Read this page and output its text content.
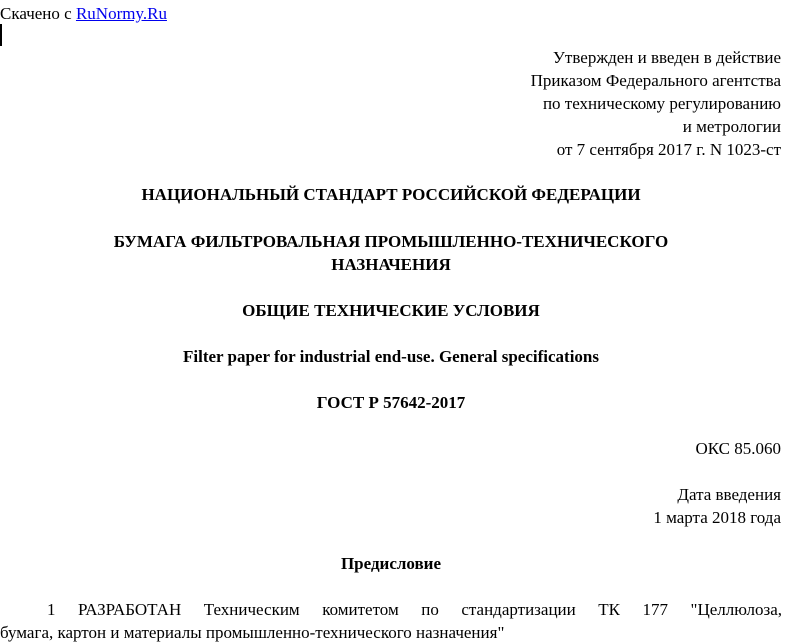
Скачено с RuNormy.Ru
Утвержден и введен в действие
Приказом Федерального агентства
по техническому регулированию
и метрологии
от 7 сентября 2017 г. N 1023-ст
НАЦИОНАЛЬНЫЙ СТАНДАРТ РОССИЙСКОЙ ФЕДЕРАЦИИ
БУМАГА ФИЛЬТРОВАЛЬНАЯ ПРОМЫШЛЕННО-ТЕХНИЧЕСКОГО
НАЗНАЧЕНИЯ
ОБЩИЕ ТЕХНИЧЕСКИЕ УСЛОВИЯ
Filter paper for industrial end-use. General specifications
ГОСТ Р 57642-2017
ОКС 85.060
Дата введения
1 марта 2018 года
Предисловие
1 РАЗРАБОТАН Техническим комитетом по стандартизации ТК 177 "Целлюлоза,
бумага, картон и материалы промышленно-технического назначения"
